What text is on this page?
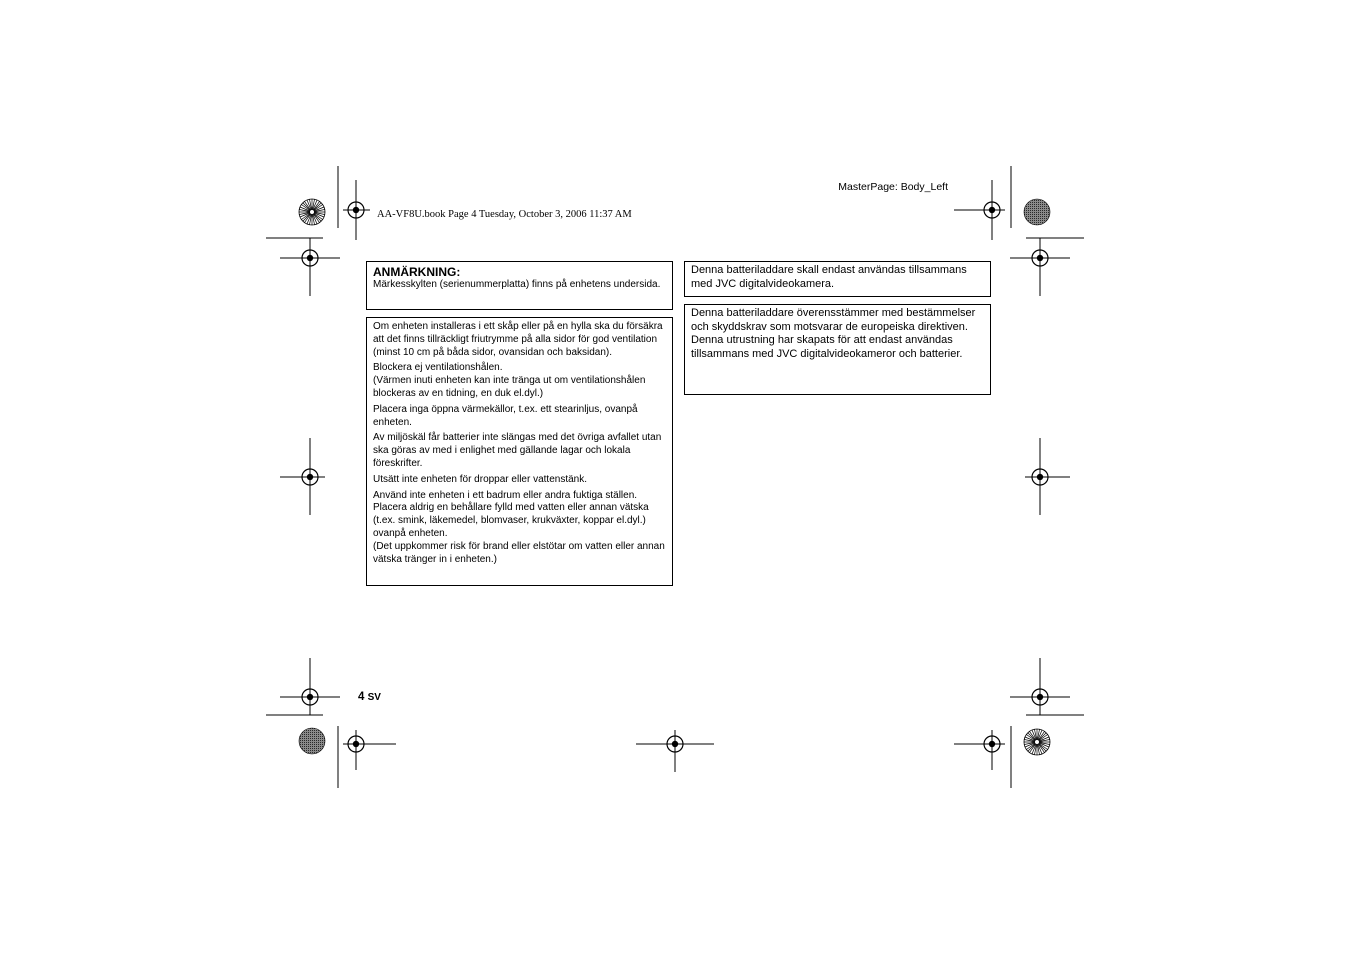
MasterPage: Body_Left
AA-VF8U.book Page 4 Tuesday, October 3, 2006 11:37 AM
ANMÄRKNING:
Märkesskylten (serienummerplatta) finns på enhetens undersida.

Om enheten installeras i ett skåp eller på en hylla ska du försäkra att det finns tillräckligt friutrymme på alla sidor för god ventilation (minst 10 cm på båda sidor, ovansidan och baksidan).

Blockera ej ventilationshålen.

(Värmen inuti enheten kan inte tränga ut om ventilationshålen blockeras av en tidning, en duk el.dyl.)

Placera inga öppna värmekällor, t.ex. ett stearinljus, ovanpå enheten.

Av miljöskäl får batterier inte slängas med det övriga avfallet utan ska göras av med i enlighet med gällande lagar och lokala föreskrifter.

Utsätt inte enheten för droppar eller vattenstänk.

Använd inte enheten i ett badrum eller andra fuktiga ställen.

Placera aldrig en behållare fylld med vatten eller annan vätska (t.ex. smink, läkemedel, blomvaser, krukväxter, koppar el.dyl.) ovanpå enheten.

(Det uppkommer risk för brand eller elstötar om vatten eller annan vätska tränger in i enheten.)

Denna batteriladdare skall endast användas tillsammans med JVC digitalvideokamera.
Denna batteriladdare överensstämmer med bestämmelser och skyddskrav som motsvarar de europeiska direktiven.
Denna utrustning har skapats för att endast användas tillsammans med JVC digitalvideokameror och batterier.
4 SV
